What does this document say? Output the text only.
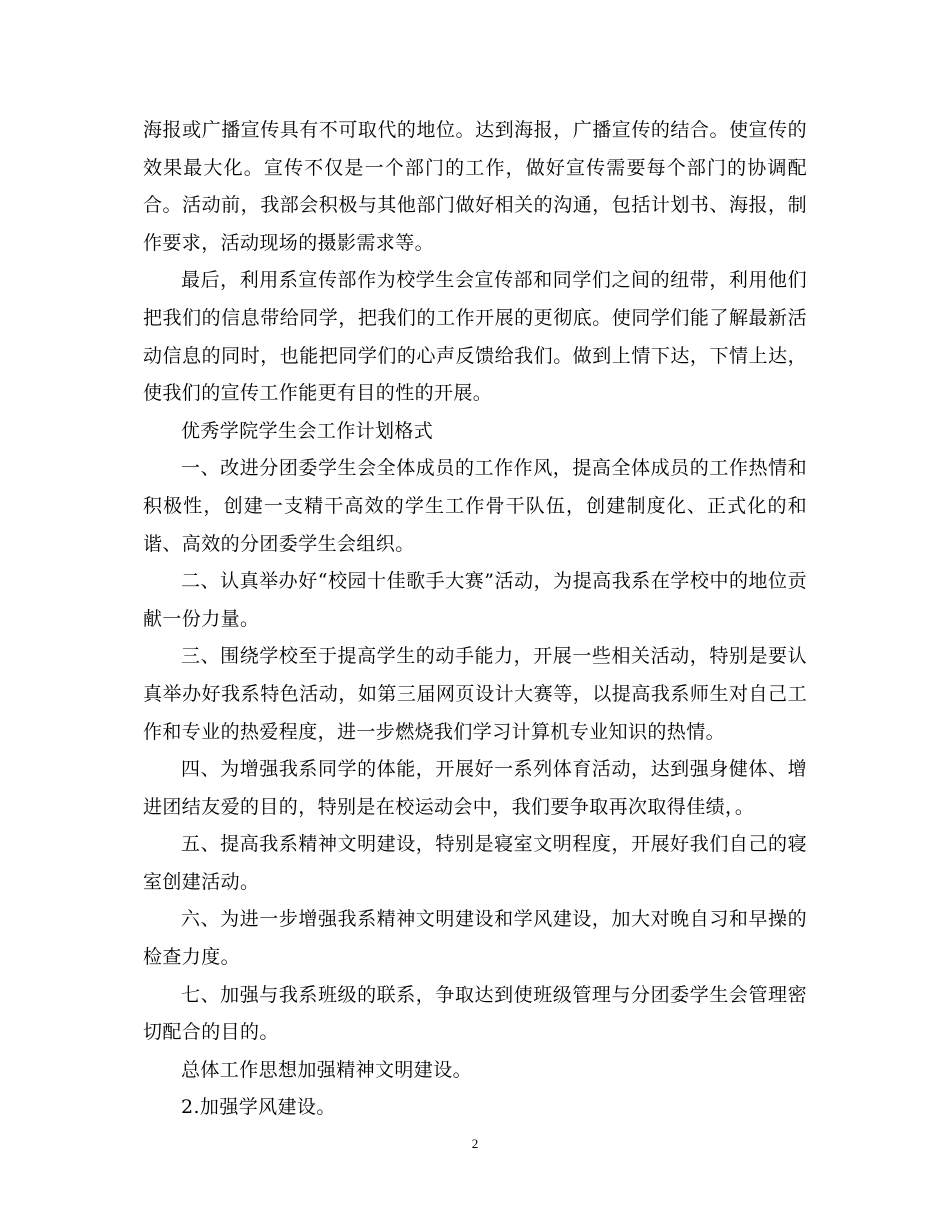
海报或广播宣传具有不可取代的地位。达到海报，广播宣传的结合。使宣传的效果最大化。宣传不仅是一个部门的工作，做好宣传需要每个部门的协调配合。活动前，我部会积极与其他部门做好相关的沟通，包括计划书、海报，制作要求，活动现场的摄影需求等。

最后，利用系宣传部作为校学生会宣传部和同学们之间的纽带，利用他们把我们的信息带给同学，把我们的工作开展的更彻底。使同学们能了解最新活动信息的同时，也能把同学们的心声反馈给我们。做到上情下达，下情上达，使我们的宣传工作能更有目的性的开展。

优秀学院学生会工作计划格式

一、改进分团委学生会全体成员的工作作风，提高全体成员的工作热情和积极性，创建一支精干高效的学生工作骨干队伍，创建制度化、正式化的和谐、高效的分团委学生会组织。

二、认真举办好“校园十佳歌手大赛”活动，为提高我系在学校中的地位贡献一份力量。

三、围绕学校至于提高学生的动手能力，开展一些相关活动，特别是要认真举办好我系特色活动，如第三届网页设计大赛等，以提高我系师生对自己工作和专业的热爱程度，进一步燃烧我们学习计算机专业知识的热情。

四、为增强我系同学的体能，开展好一系列体育活动，达到强身健体、增进团结友爱的目的，特别是在校运动会中，我们要争取再次取得佳绩，。

五、提高我系精神文明建设，特别是寝室文明程度，开展好我们自己的寝室创建活动。

六、为进一步增强我系精神文明建设和学风建设，加大对晚自习和早操的检查力度。

七、加强与我系班级的联系，争取达到使班级管理与分团委学生会管理密切配合的目的。

总体工作思想加强精神文明建设。

2.加强学风建设。

2
